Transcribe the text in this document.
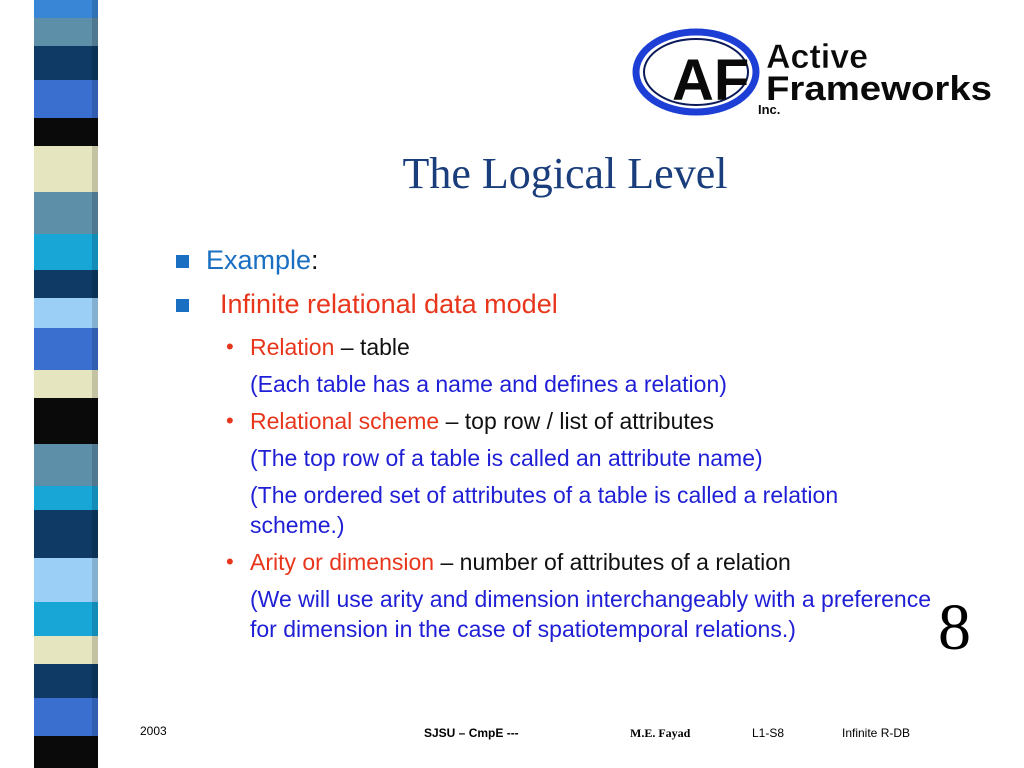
AF Active
Frameworks
Inc.
The Logical Level
Example:
Infinite relational data model
• Relation – table
(Each table has a name and defines a relation)
• Relational scheme – top row / list of attributes
(The top row of a table is called an attribute name)
(The ordered set of attributes of a table is called a relation scheme.)
• Arity or dimension – number of attributes of a relation
(We will use arity and dimension interchangeably with a preference for dimension in the case of spatiotemporal relations.)	8
2003	SJSU – CmpE ---	M.E. Fayad	L1-S8	Infinite R-DB
